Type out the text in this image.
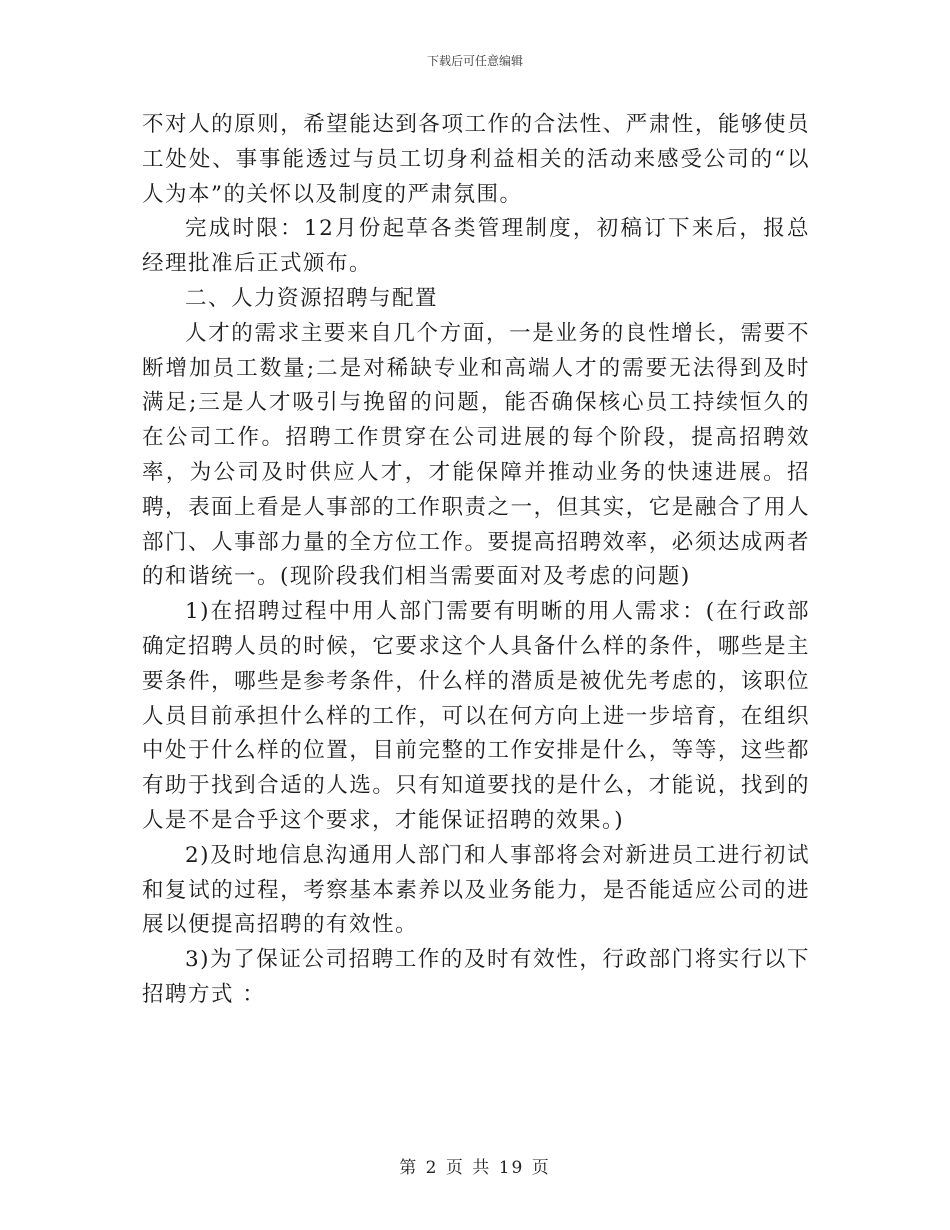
下载后可任意编辑

不对人的原则，希望能达到各项工作的合法性、严肃性，能够使员工处处、事事能透过与员工切身利益相关的活动来感受公司的“以人为本”的关怀以及制度的严肃氛围。

完成时限：12月份起草各类管理制度，初稿订下来后，报总经理批准后正式颁布。

二、人力资源招聘与配置

人才的需求主要来自几个方面，一是业务的良性增长，需要不断增加员工数量;二是对稀缺专业和高端人才的需要无法得到及时满足;三是人才吸引与挽留的问题，能否确保核心员工持续恒久的在公司工作。招聘工作贯穿在公司进展的每个阶段，提高招聘效率，为公司及时供应人才，才能保障并推动业务的快速进展。招聘，表面上看是人事部的工作职责之一，但其实，它是融合了用人部门、人事部力量的全方位工作。要提高招聘效率，必须达成两者的和谐统一。(现阶段我们相当需要面对及考虑的问题)

1)在招聘过程中用人部门需要有明晰的用人需求：(在行政部确定招聘人员的时候，它要求这个人具备什么样的条件，哪些是主要条件，哪些是参考条件，什么样的潜质是被优先考虑的，该职位人员目前承担什么样的工作，可以在何方向上进一步培育，在组织中处于什么样的位置，目前完整的工作安排是什么，等等，这些都有助于找到合适的人选。只有知道要找的是什么，才能说，找到的人是不是合乎这个要求，才能保证招聘的效果。)

2)及时地信息沟通用人部门和人事部将会对新进员工进行初试和复试的过程，考察基本素养以及业务能力，是否能适应公司的进展以便提高招聘的有效性。

3)为了保证公司招聘工作的及时有效性，行政部门将实行以下招聘方式 ：

第 2 页 共 19 页
